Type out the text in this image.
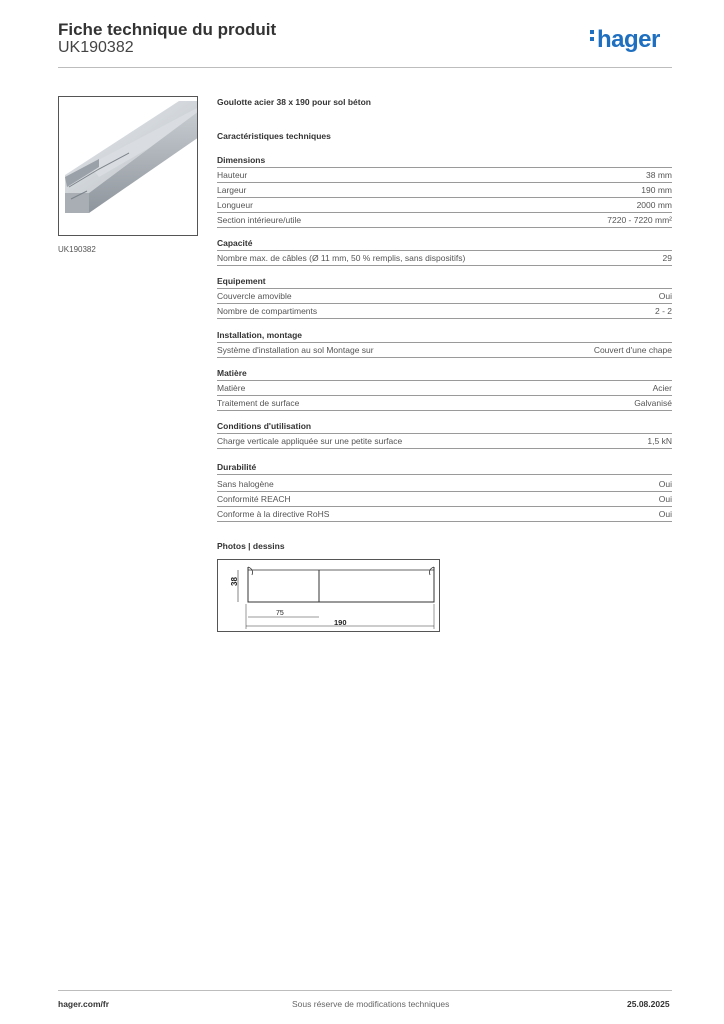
Fiche technique du produit
UK190382	hager
UK190382
Goulotte acier 38 x 190 pour sol béton
Caractéristiques techniques
Dimensions
Hauteur	38 mm
Largeur	190 mm
Longueur	2000 mm
Section intérieure/utile	7220 - 7220 mm²
Capacité
Nombre max. de câbles (Ø 11 mm, 50 % remplis, sans dispositifs)	29
Equipement
Couvercle amovible	Oui
Nombre de compartiments	2 - 2
Installation, montage
Système d'installation au sol Montage sur	Couvert d'une chape
Matière
Matière	Acier
Traitement de surface	Galvanisé
Conditions d'utilisation
Charge verticale appliquée sur une petite surface	1,5 kN
Durabilité
Sans halogène	Oui
Conformité REACH	Oui
Conforme à la directive RoHS	Oui
Photos | dessins
38
75
190
hager.com/fr	Sous réserve de modifications techniques	25.08.2025
